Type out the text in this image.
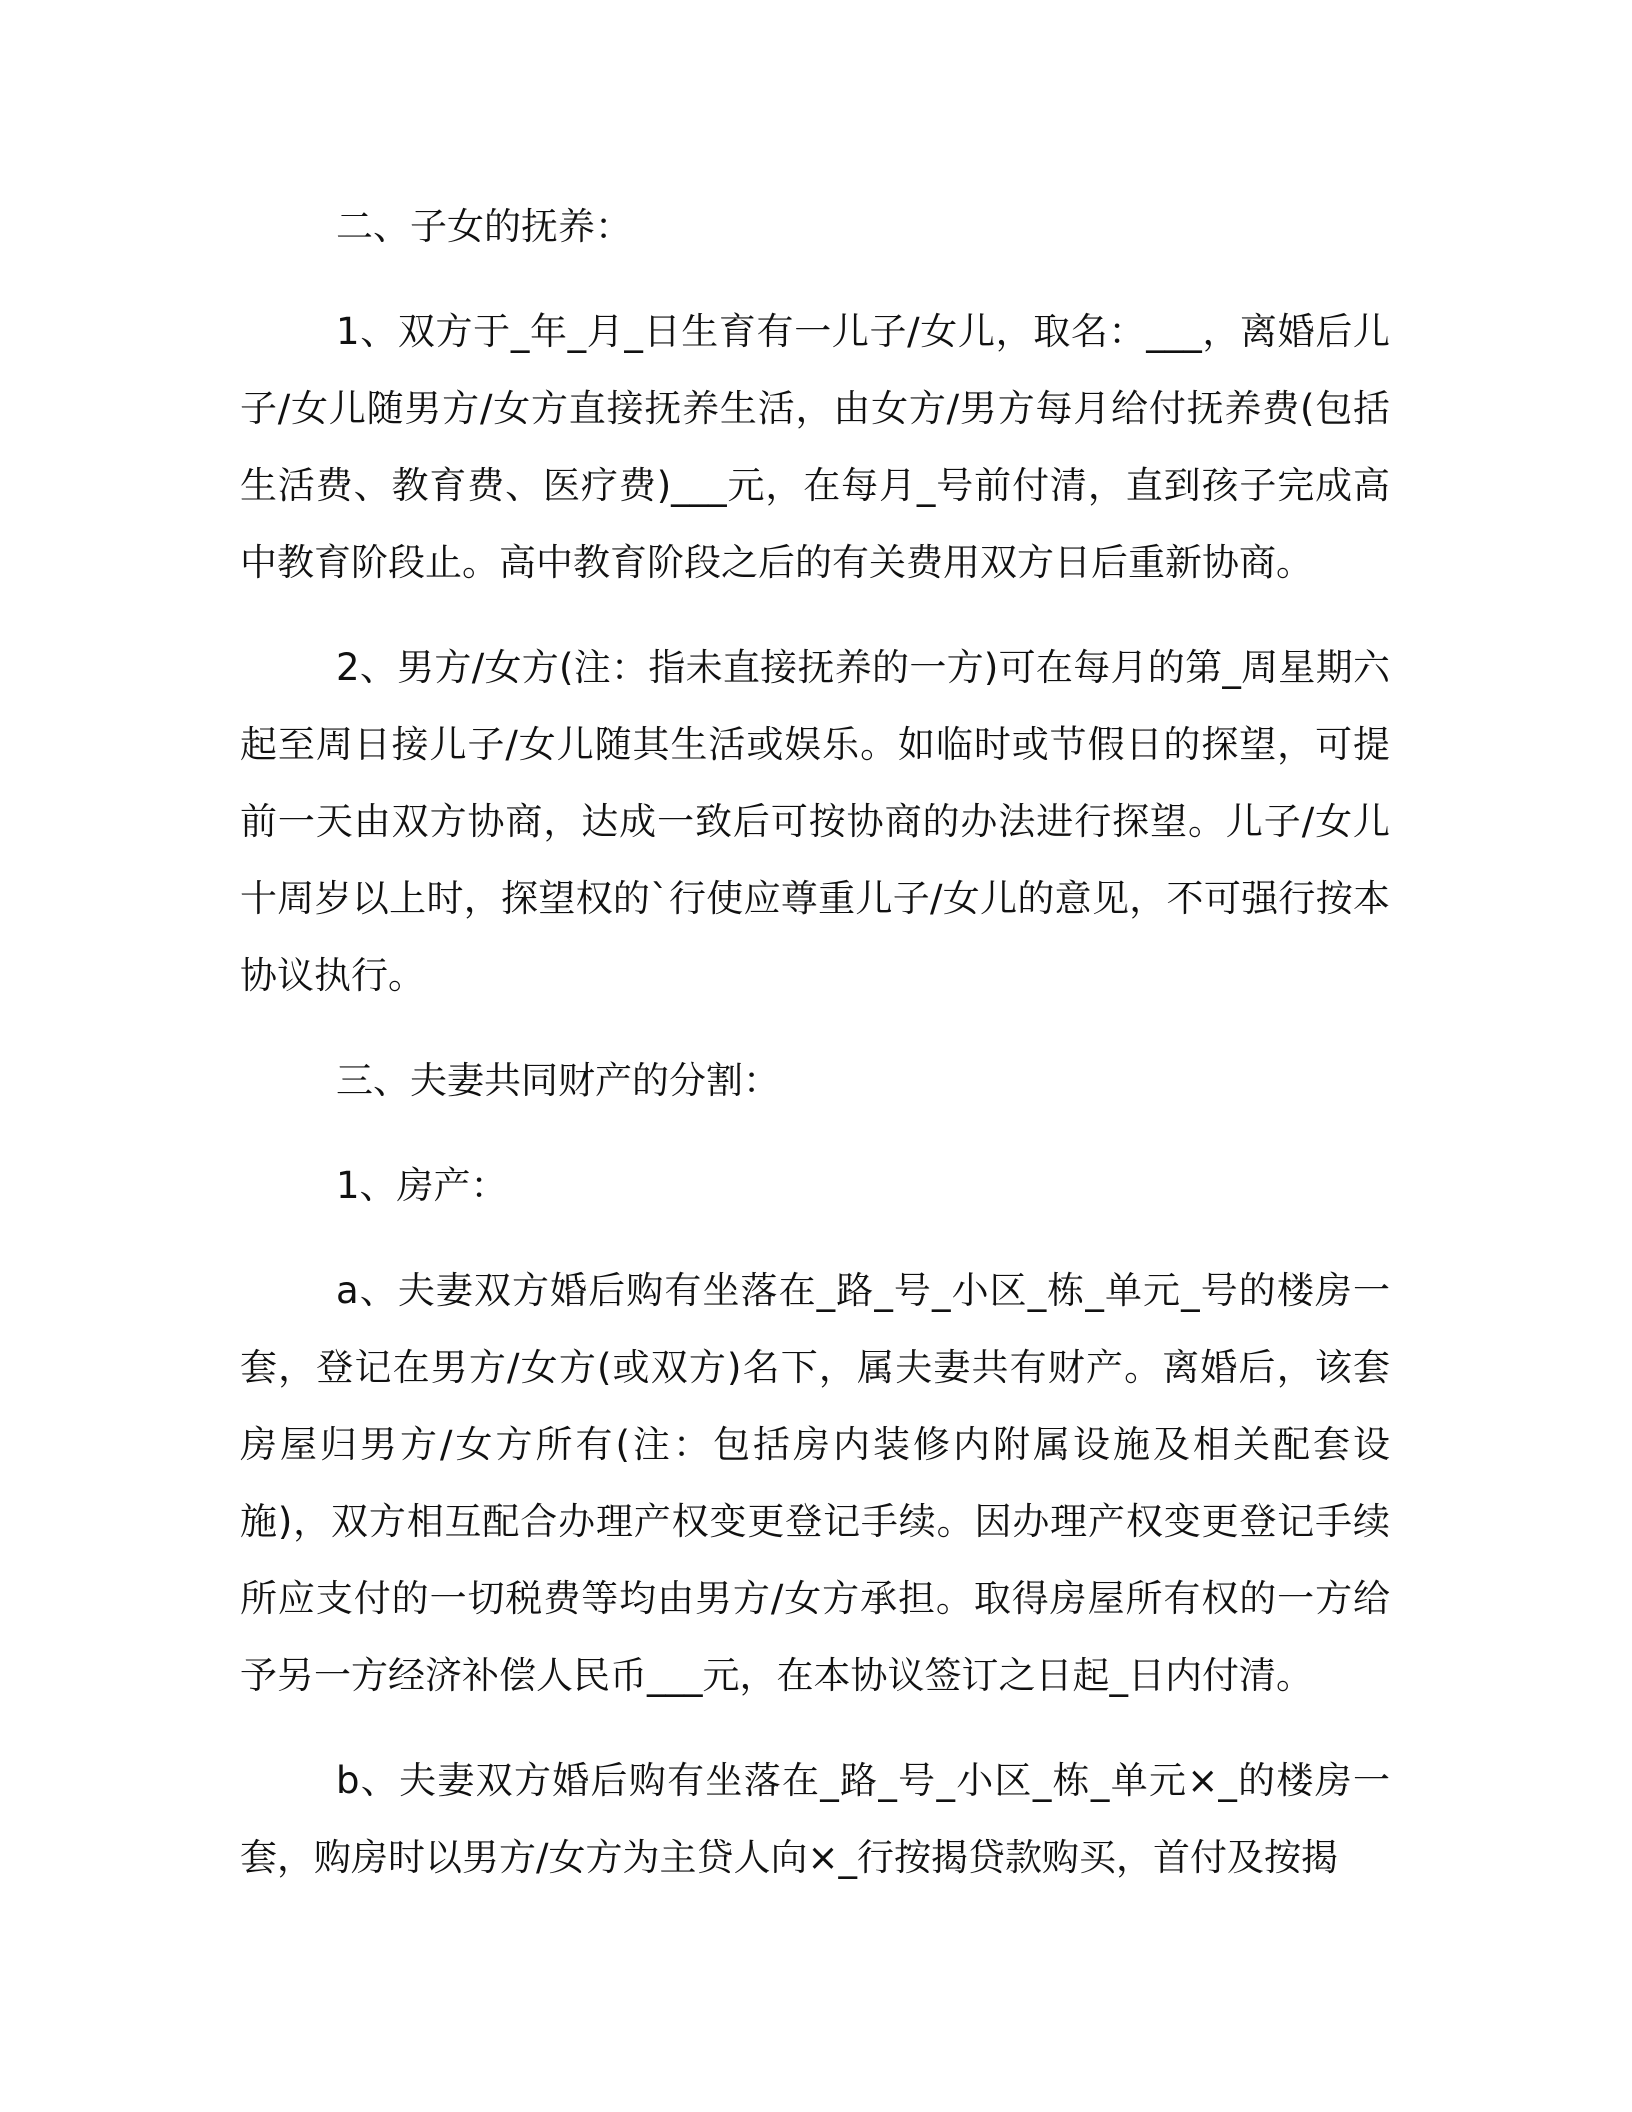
二、子女的抚养：

1、双方于_年_月_日生育有一儿子/女儿，取名：___，离婚后儿子/女儿随男方/女方直接抚养生活，由女方/男方每月给付抚养费(包括生活费、教育费、医疗费)___元，在每月_号前付清，直到孩子完成高中教育阶段止。高中教育阶段之后的有关费用双方日后重新协商。

2、男方/女方(注：指未直接抚养的一方)可在每月的第_周星期六起至周日接儿子/女儿随其生活或娱乐。如临时或节假日的探望，可提前一天由双方协商，达成一致后可按协商的办法进行探望。儿子/女儿十周岁以上时，探望权的`行使应尊重儿子/女儿的意见，不可强行按本协议执行。

三、夫妻共同财产的分割：

1、房产：

a、夫妻双方婚后购有坐落在_路_号_小区_栋_单元_号的楼房一套，登记在男方/女方(或双方)名下，属夫妻共有财产。离婚后，该套房屋归男方/女方所有(注：包括房内装修内附属设施及相关配套设施)，双方相互配合办理产权变更登记手续。因办理产权变更登记手续所应支付的一切税费等均由男方/女方承担。取得房屋所有权的一方给予另一方经济补偿人民币___元，在本协议签订之日起_日内付清。

b、夫妻双方婚后购有坐落在_路_号_小区_栋_单元×_的楼房一套，购房时以男方/女方为主贷人向×_行按揭贷款购买，首付及按揭
